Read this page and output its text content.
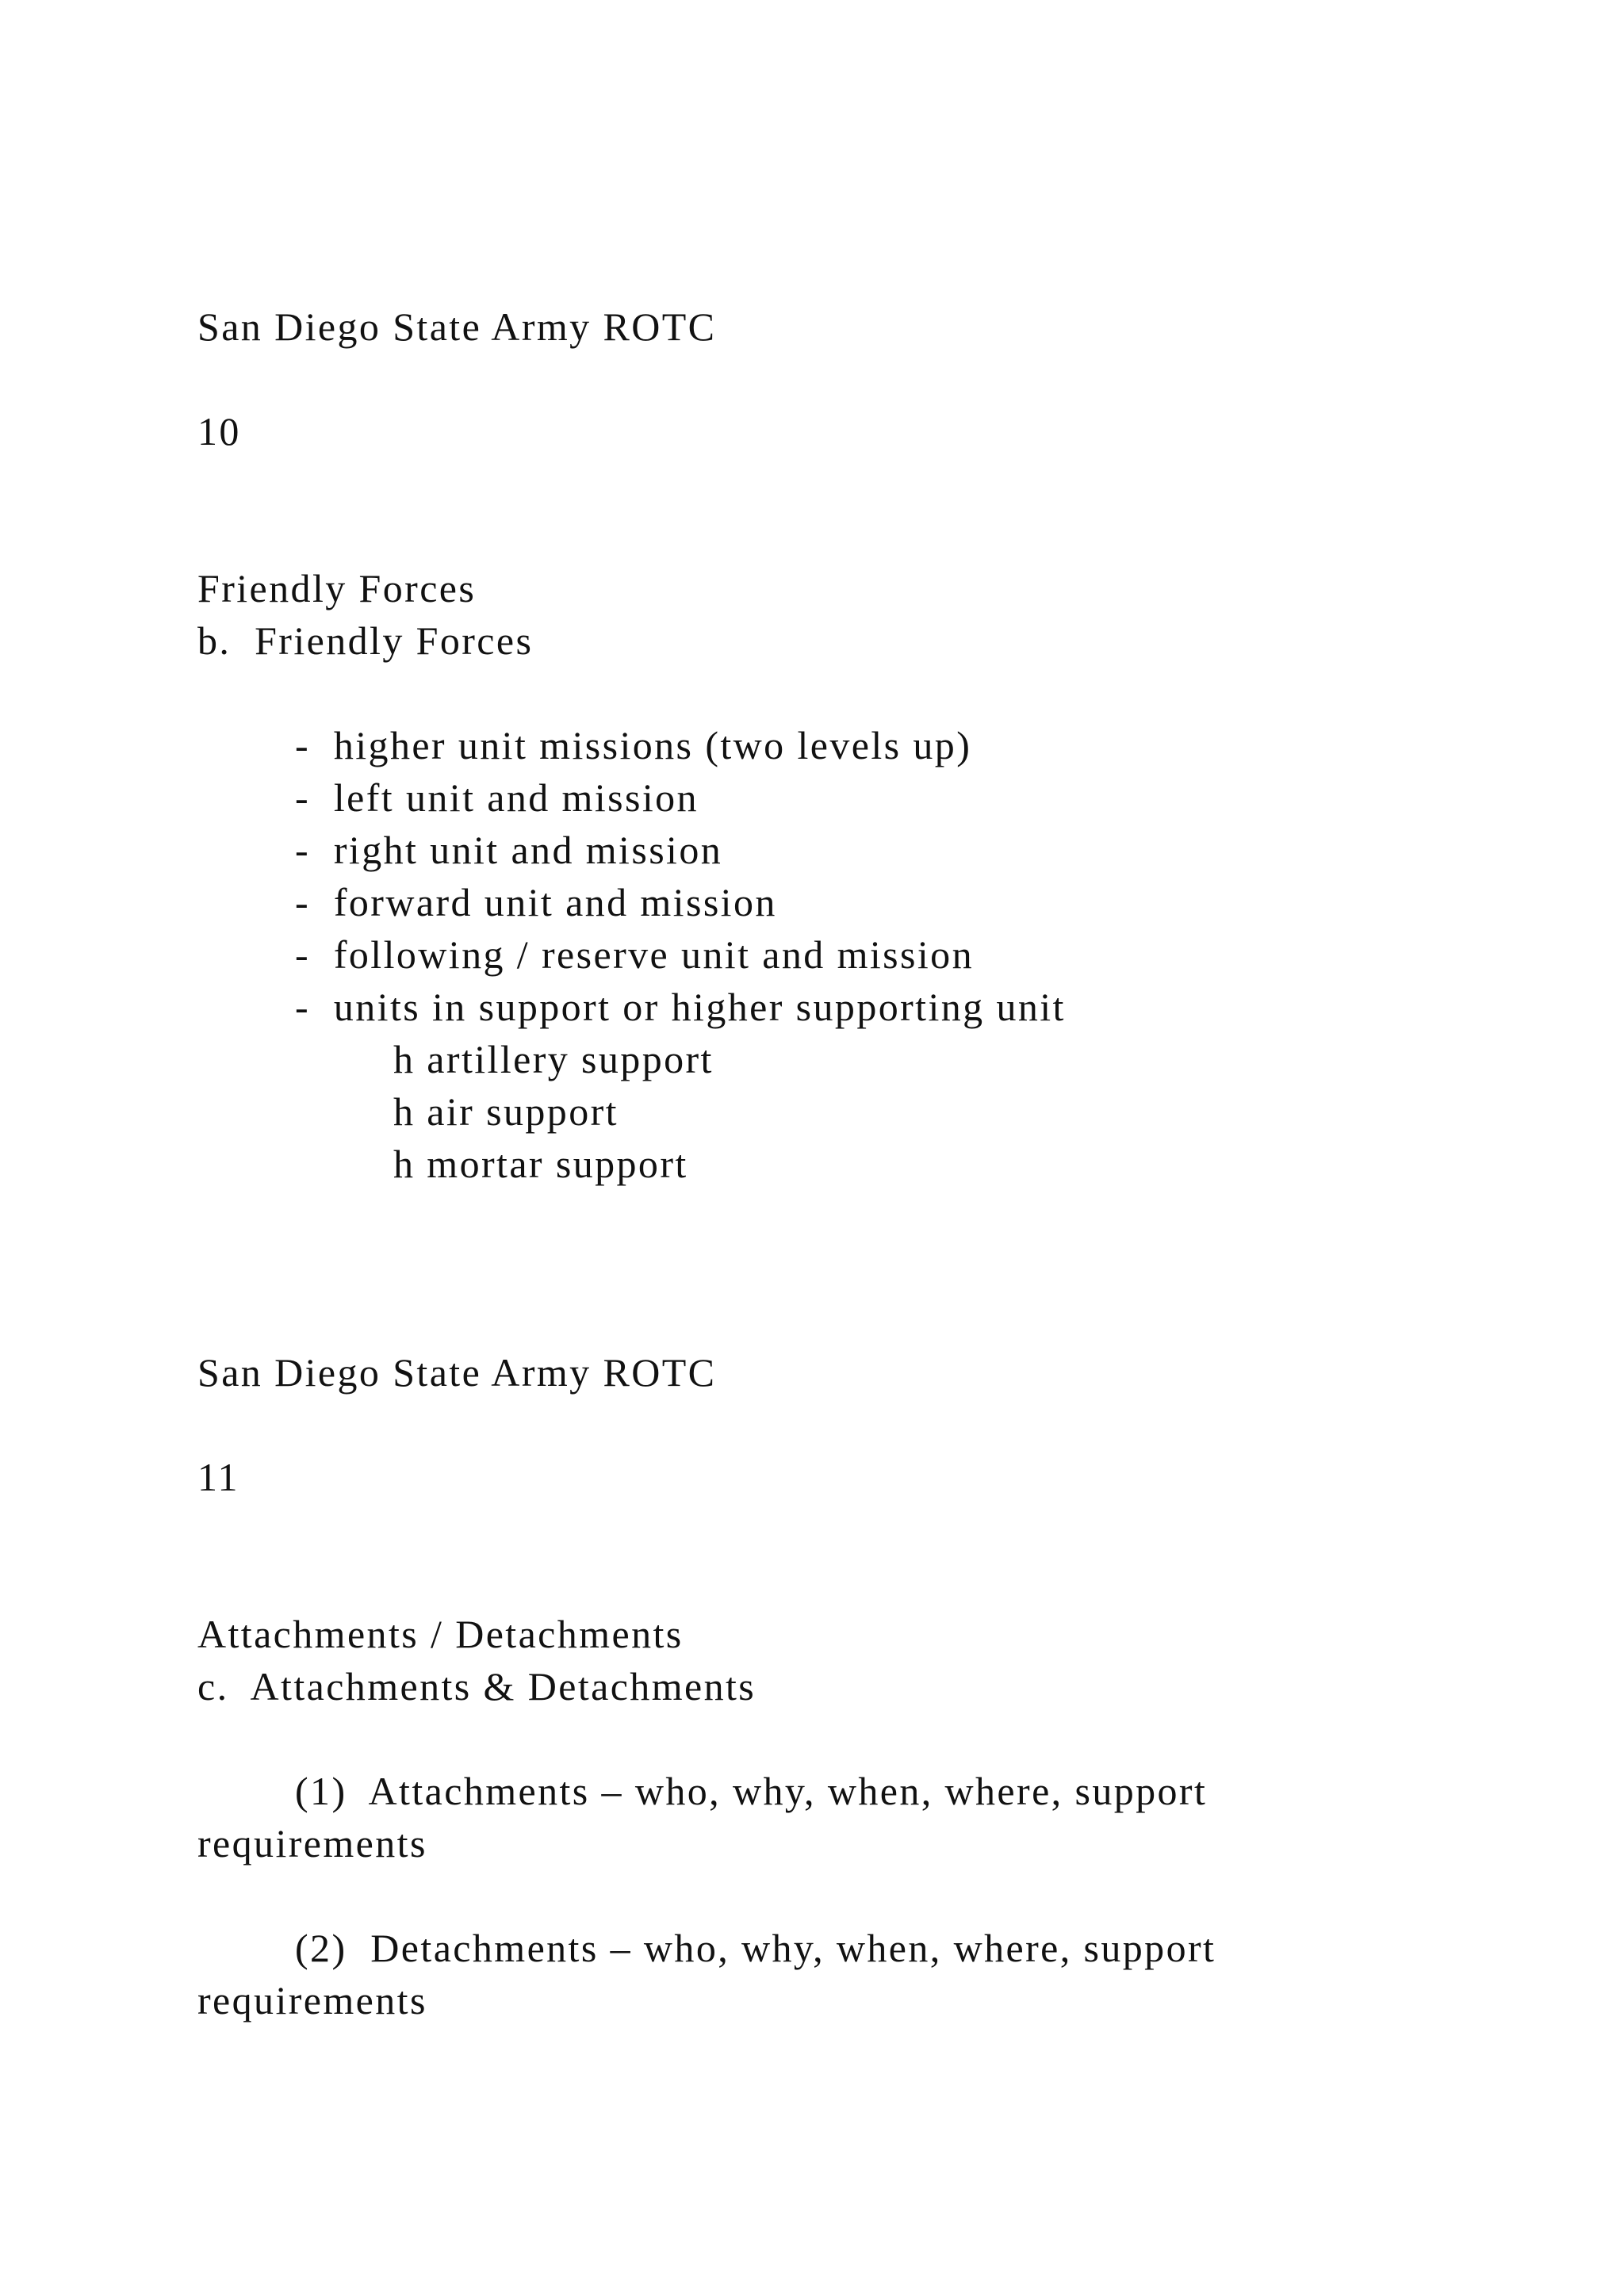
San Diego State Army ROTC

10

Friendly Forces

b.  Friendly Forces

-  higher unit missions (two levels up)

-  left unit and mission

-  right unit and mission

-  forward unit and mission

-  following / reserve unit and mission

-  units in support or higher supporting unit

h artillery support

h air support

h mortar support

San Diego State Army ROTC

11

Attachments / Detachments

c.  Attachments & Detachments

(1)  Attachments – who, why, when, where, support

requirements

(2)  Detachments – who, why, when, where, support

requirements
